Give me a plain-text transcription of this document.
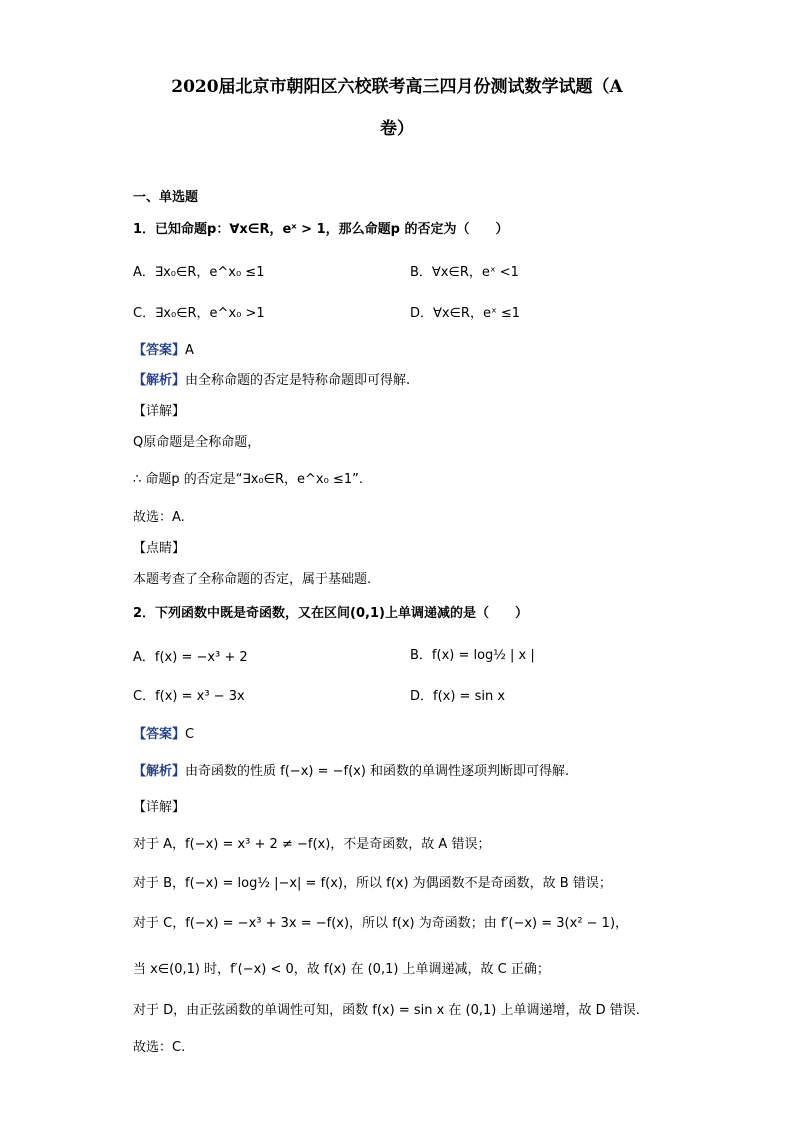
2020届北京市朝阳区六校联考高三四月份测试数学试题（A
卷）
一、单选题
1．已知命题p：∀x∈R，eˣ > 1，那么命题p 的否定为（　　）
A．∃x₀∈R，e^x₀ ≤1	B．∀x∈R，eˣ <1
C．∃x₀∈R，e^x₀ >1	D．∀x∈R，eˣ ≤1
【答案】A
【解析】由全称命题的否定是特称命题即可得解.
【详解】
Q原命题是全称命题，
∴ 命题p 的否定是“∃x₀∈R，e^x₀ ≤1”.
故选：A.
【点睛】
本题考查了全称命题的否定，属于基础题.
2．下列函数中既是奇函数，又在区间(0,1)上单调递减的是（　　）
A．f(x) = −x³ + 2	B．f(x) = log½ | x |
C．f(x) = x³ − 3x	D．f(x) = sin x
【答案】C
【解析】由奇函数的性质 f(−x) = −f(x) 和函数的单调性逐项判断即可得解.
【详解】
对于 A，f(−x) = x³ + 2 ≠ −f(x)，不是奇函数，故 A 错误；
对于 B，f(−x) = log½ |−x| = f(x)，所以 f(x) 为偶函数不是奇函数，故 B 错误；
对于 C，f(−x) = −x³ + 3x = −f(x)，所以 f(x) 为奇函数；由 f′(−x) = 3(x² − 1)，
当 x∈(0,1) 时，f′(−x) < 0，故 f(x) 在 (0,1) 上单调递减，故 C 正确；
对于 D，由正弦函数的单调性可知，函数 f(x) = sin x 在 (0,1) 上单调递增，故 D 错误.
故选：C.
